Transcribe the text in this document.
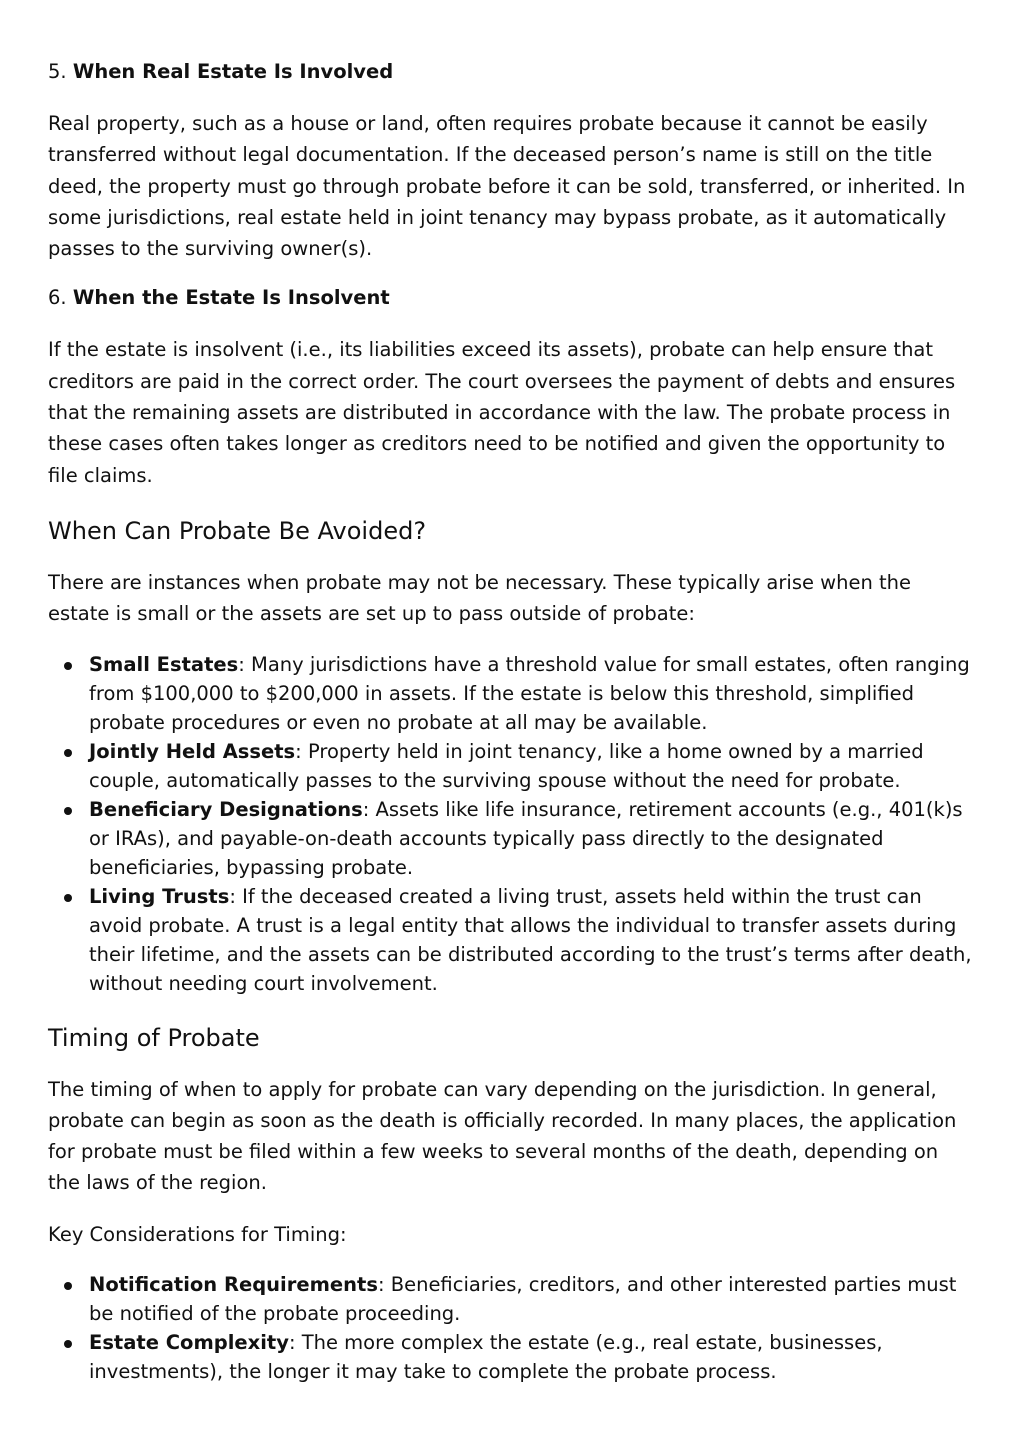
5. When Real Estate Is Involved

Real property, such as a house or land, often requires probate because it cannot be easily transferred without legal documentation. If the deceased person’s name is still on the title deed, the property must go through probate before it can be sold, transferred, or inherited. In some jurisdictions, real estate held in joint tenancy may bypass probate, as it automatically passes to the surviving owner(s).

6. When the Estate Is Insolvent

If the estate is insolvent (i.e., its liabilities exceed its assets), probate can help ensure that creditors are paid in the correct order. The court oversees the payment of debts and ensures that the remaining assets are distributed in accordance with the law. The probate process in these cases often takes longer as creditors need to be notified and given the opportunity to file claims.

When Can Probate Be Avoided?

There are instances when probate may not be necessary. These typically arise when the estate is small or the assets are set up to pass outside of probate:

Small Estates: Many jurisdictions have a threshold value for small estates, often ranging from $100,000 to $200,000 in assets. If the estate is below this threshold, simplified probate procedures or even no probate at all may be available.
Jointly Held Assets: Property held in joint tenancy, like a home owned by a married couple, automatically passes to the surviving spouse without the need for probate.
Beneficiary Designations: Assets like life insurance, retirement accounts (e.g., 401(k)s or IRAs), and payable-on-death accounts typically pass directly to the designated beneficiaries, bypassing probate.
Living Trusts: If the deceased created a living trust, assets held within the trust can avoid probate. A trust is a legal entity that allows the individual to transfer assets during their lifetime, and the assets can be distributed according to the trust’s terms after death, without needing court involvement.
Timing of Probate

The timing of when to apply for probate can vary depending on the jurisdiction. In general, probate can begin as soon as the death is officially recorded. In many places, the application for probate must be filed within a few weeks to several months of the death, depending on the laws of the region.

Key Considerations for Timing:

Notification Requirements: Beneficiaries, creditors, and other interested parties must be notified of the probate proceeding.
Estate Complexity: The more complex the estate (e.g., real estate, businesses, investments), the longer it may take to complete the probate process.
